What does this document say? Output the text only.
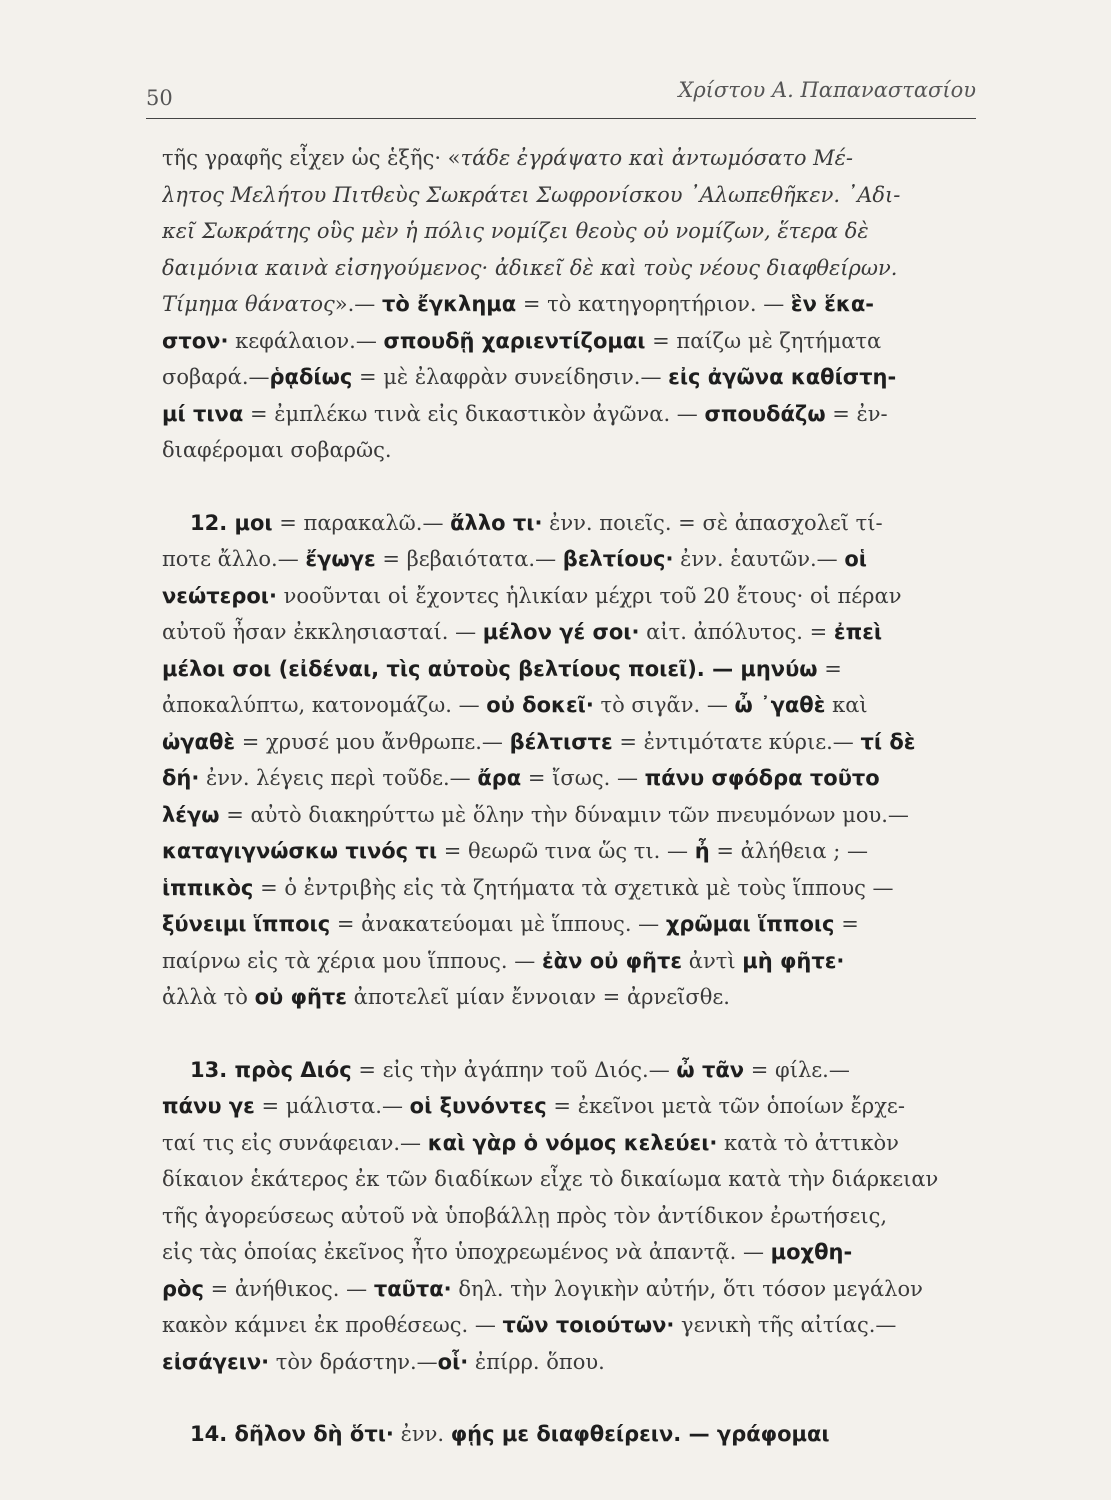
50	Χρίστου Α. Παπαναστασίου
τῆς γραφῆς εἶχεν ὡς ἑξῆς· «τάδε ἐγράψατο καὶ ἀντωμόσατο Μέ-
λητος Μελήτου Πιτθεὺς Σωκράτει Σωφρονίσκου ᾿Αλωπεθῆκεν. ᾿Αδι-
κεῖ Σωκράτης οὓς μὲν ἡ πόλις νομίζει θεοὺς οὐ νομίζων, ἕτερα δὲ
δαιμόνια καινὰ εἰσηγούμενος· ἀδικεῖ δὲ καὶ τοὺς νέους διαφθείρων.
Τίμημα θάνατος».— τὸ ἔγκλημα = τὸ κατηγορητήριον. — ἓν ἕκα-
στον· κεφάλαιον.— σπουδῇ χαριεντίζομαι = παίζω μὲ ζητήματα
σοβαρά.—ῥᾳδίως = μὲ ἐλαφρὰν συνείδησιν.— εἰς ἀγῶνα καθίστη-
μί τινα = ἐμπλέκω τινὰ εἰς δικαστικὸν ἀγῶνα. — σπουδάζω = ἐν-
διαφέρομαι σοβαρῶς.
12. μοι = παρακαλῶ.— ἄλλο τι· ἐνν. ποιεῖς. = σὲ ἀπασχολεῖ τί-
ποτε ἄλλο.— ἔγωγε = βεβαιότατα.— βελτίους· ἐνν. ἑαυτῶν.— οἱ
νεώτεροι· νοοῦνται οἱ ἔχοντες ἡλικίαν μέχρι τοῦ 20 ἔτους· οἱ πέραν
αὐτοῦ ἦσαν ἐκκλησιασταί. — μέλον γέ σοι· αἰτ. ἀπόλυτος. = ἐπεὶ
μέλοι σοι (εἰδέναι, τὶς αὐτοὺς βελτίους ποιεῖ). — μηνύω =
ἀποκαλύπτω, κατονομάζω. — οὐ δοκεῖ· τὸ σιγᾶν. — ὦ ᾿γαθὲ καὶ
ὠγαθὲ = χρυσέ μου ἄνθρωπε.— βέλτιστε = ἐντιμότατε κύριε.— τί δὲ
δή· ἐνν. λέγεις περὶ τοῦδε.— ἄρα = ἴσως. — πάνυ σφόδρα τοῦτο
λέγω = αὐτὸ διακηρύττω μὲ ὅλην τὴν δύναμιν τῶν πνευμόνων μου.—
καταγιγνώσκω τινός τι = θεωρῶ τινα ὥς τι. — ἦ = ἀλήθεια ; —
ἱππικὸς = ὁ ἐντριβὴς εἰς τὰ ζητήματα τὰ σχετικὰ μὲ τοὺς ἵππους —
ξύνειμι ἵπποις = ἀνακατεύομαι μὲ ἵππους. — χρῶμαι ἵπποις =
παίρνω εἰς τὰ χέρια μου ἵππους. — ἐὰν οὐ φῆτε ἀντὶ μὴ φῆτε·
ἀλλὰ τὸ οὐ φῆτε ἀποτελεῖ μίαν ἔννοιαν = ἀρνεῖσθε.
13. πρὸς Διός = εἰς τὴν ἀγάπην τοῦ Διός.— ὦ τᾶν = φίλε.—
πάνυ γε = μάλιστα.— οἱ ξυνόντες = ἐκεῖνοι μετὰ τῶν ὁποίων ἔρχε-
ταί τις εἰς συνάφειαν.— καὶ γὰρ ὁ νόμος κελεύει· κατὰ τὸ ἀττικὸν
δίκαιον ἑκάτερος ἐκ τῶν διαδίκων εἶχε τὸ δικαίωμα κατὰ τὴν διάρκειαν
τῆς ἀγορεύσεως αὐτοῦ νὰ ὑποβάλλῃ πρὸς τὸν ἀντίδικον ἐρωτήσεις,
εἰς τὰς ὁποίας ἐκεῖνος ἦτο ὑποχρεωμένος νὰ ἀπαντᾷ. — μοχθη-
ρὸς = ἀνήθικος. — ταῦτα· δηλ. τὴν λογικὴν αὐτήν, ὅτι τόσον μεγάλον
κακὸν κάμνει ἐκ προθέσεως. — τῶν τοιούτων· γενικὴ τῆς αἰτίας.—
εἰσάγειν· τὸν δράστην.—οἷ· ἐπίρρ. ὅπου.
14. δῆλον δὴ ὅτι· ἐνν. φῄς με διαφθείρειν. — γράφομαι
